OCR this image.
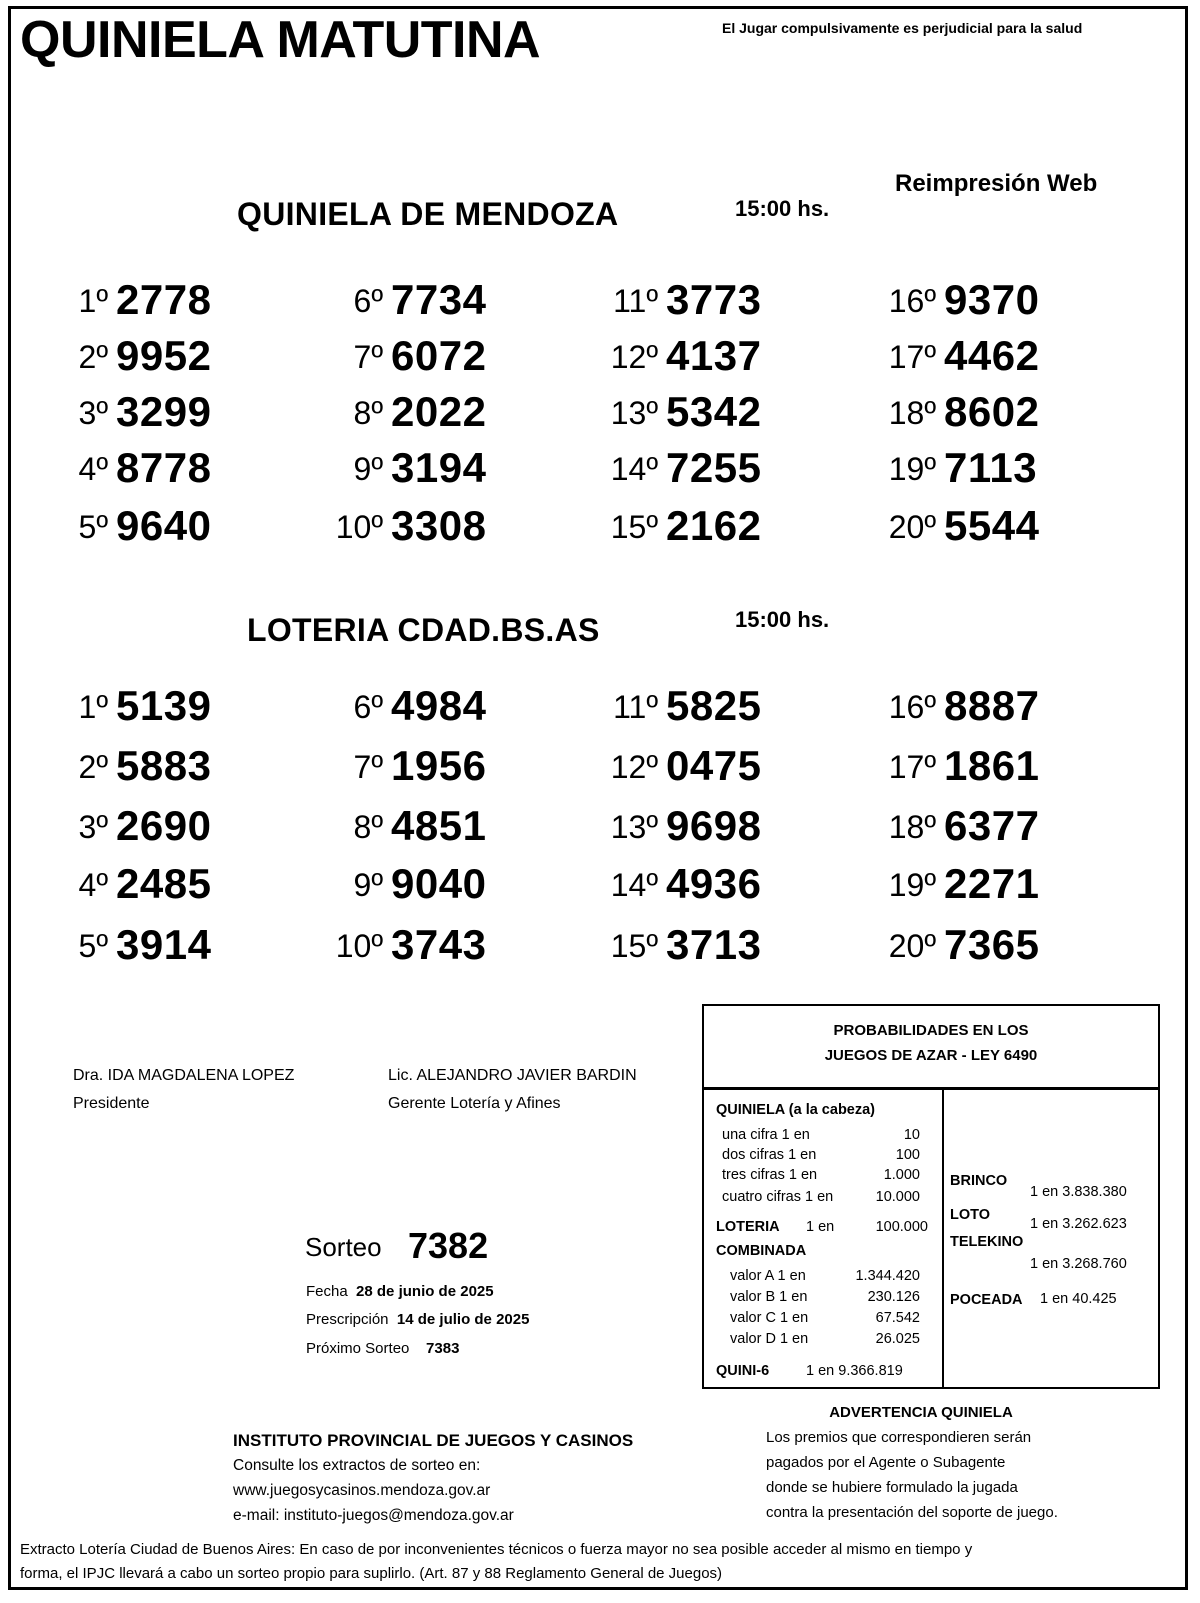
QUINIELA MATUTINA	El Jugar compulsivamente es perjudicial para la salud
Reimpresión Web
QUINIELA DE MENDOZA	15:00 hs.
1º 2778
2º 9952
3º 3299
4º 8778
5º 9640
6º 7734
7º 6072
8º 2022
9º 3194
10º 3308
11º 3773
12º 4137
13º 5342
14º 7255
15º 2162
16º 9370
17º 4462
18º 8602
19º 7113
20º 5544
LOTERIA CDAD.BS.AS	15:00 hs.
1º 5139
2º 5883
3º 2690
4º 2485
5º 3914
6º 4984
7º 1956
8º 4851
9º 9040
10º 3743
11º 5825
12º 0475
13º 9698
14º 4936
15º 3713
16º 8887
17º 1861
18º 6377
19º 2271
20º 7365
Dra. IDA MAGDALENA LOPEZ
Presidente
Lic. ALEJANDRO JAVIER BARDIN
Gerente Lotería y Afines
Sorteo 7382
Fecha 28 de junio de 2025
Prescripción 14 de julio de 2025
Próximo Sorteo 7383
PROBABILIDADES EN LOS
JUEGOS DE AZAR - LEY 6490
QUINIELA (a la cabeza)
una cifra 1 en	10
dos cifras 1 en	100
tres cifras 1 en	1.000
cuatro cifras 1 en	10.000
LOTERIA 1 en	100.000
COMBINADA
valor A 1 en	1.344.420
valor B 1 en	230.126
valor C 1 en	67.542
valor D 1 en	26.025
QUINI-6	1 en 9.366.819
BRINCO
1 en 3.838.380
LOTO
1 en 3.262.623
TELEKINO
1 en 3.268.760
POCEADA 1 en 40.425
INSTITUTO PROVINCIAL DE JUEGOS Y CASINOS
Consulte los extractos de sorteo en:
www.juegosycasinos.mendoza.gov.ar
e-mail: instituto-juegos@mendoza.gov.ar
ADVERTENCIA QUINIELA
Los premios que correspondieren serán
pagados por el Agente o Subagente
donde se hubiere formulado la jugada
contra la presentación del soporte de juego.
Extracto Lotería Ciudad de Buenos Aires: En caso de por inconvenientes técnicos o fuerza mayor no sea posible acceder al mismo en tiempo y
forma, el IPJC llevará a cabo un sorteo propio para suplirlo. (Art. 87 y 88 Reglamento General de Juegos)
